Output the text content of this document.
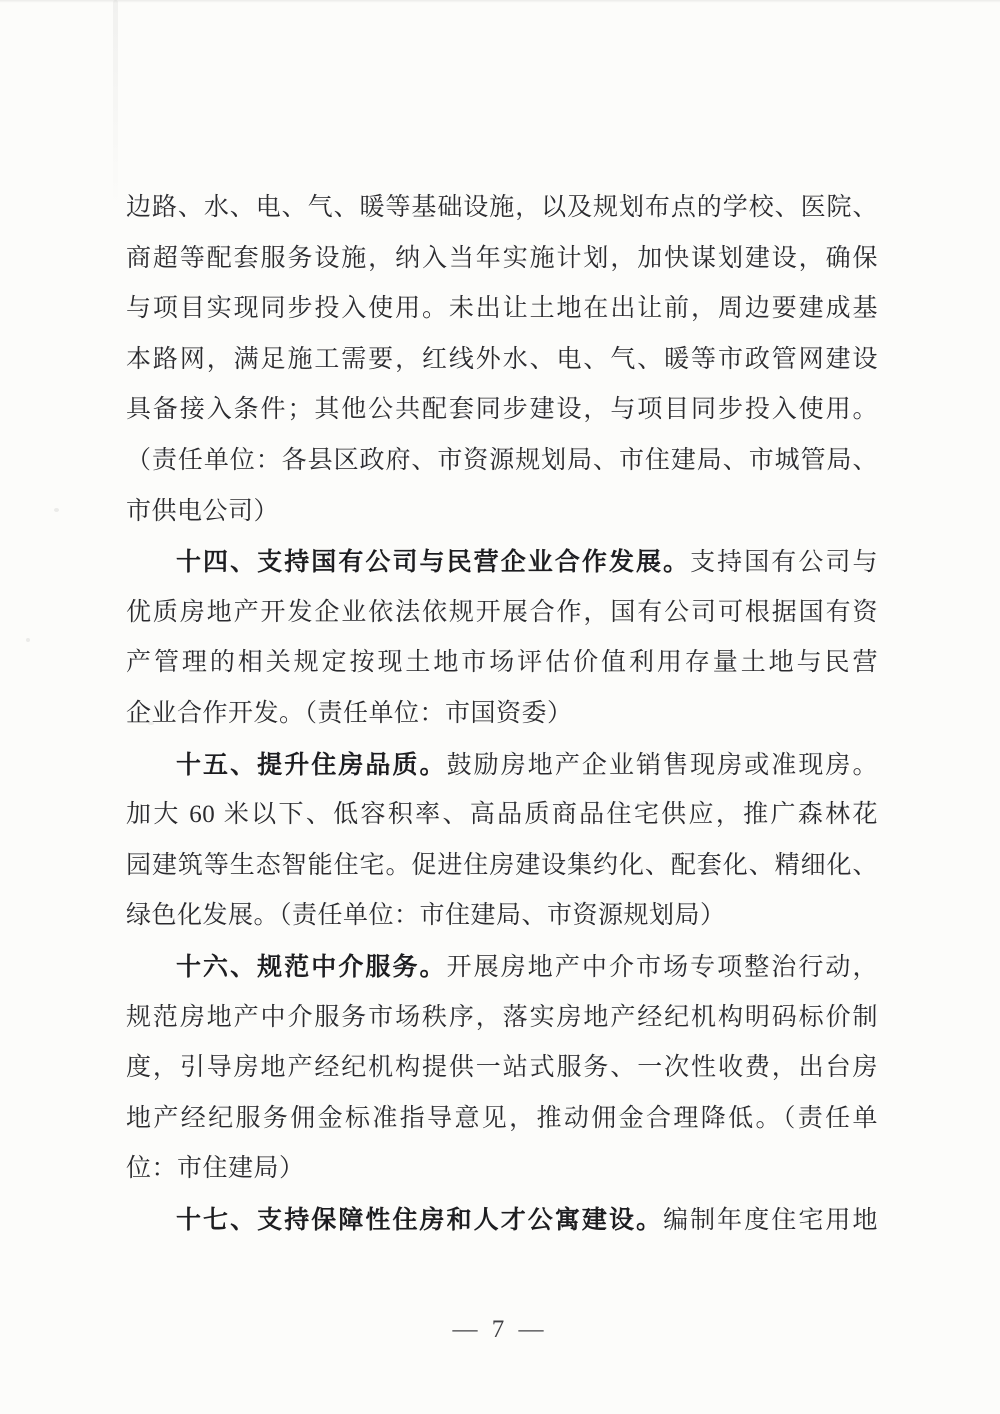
边路、水、电、气、暖等基础设施，以及规划布点的学校、医院、
商超等配套服务设施，纳入当年实施计划，加快谋划建设，确保
与项目实现同步投入使用。未出让土地在出让前，周边要建成基
本路网，满足施工需要，红线外水、电、气、暖等市政管网建设
具备接入条件；其他公共配套同步建设，与项目同步投入使用。
（责任单位：各县区政府、市资源规划局、市住建局、市城管局、
市供电公司）
十四、支持国有公司与民营企业合作发展。支持国有公司与
优质房地产开发企业依法依规开展合作，国有公司可根据国有资
产管理的相关规定按现土地市场评估价值利用存量土地与民营
企业合作开发。（责任单位：市国资委）
十五、提升住房品质。鼓励房地产企业销售现房或准现房。
加大 60 米以下、低容积率、高品质商品住宅供应，推广森林花
园建筑等生态智能住宅。促进住房建设集约化、配套化、精细化、
绿色化发展。（责任单位：市住建局、市资源规划局）
十六、规范中介服务。开展房地产中介市场专项整治行动，
规范房地产中介服务市场秩序，落实房地产经纪机构明码标价制
度，引导房地产经纪机构提供一站式服务、一次性收费，出台房
地产经纪服务佣金标准指导意见，推动佣金合理降低。（责任单
位：市住建局）
十七、支持保障性住房和人才公寓建设。编制年度住宅用地
— 7 —
